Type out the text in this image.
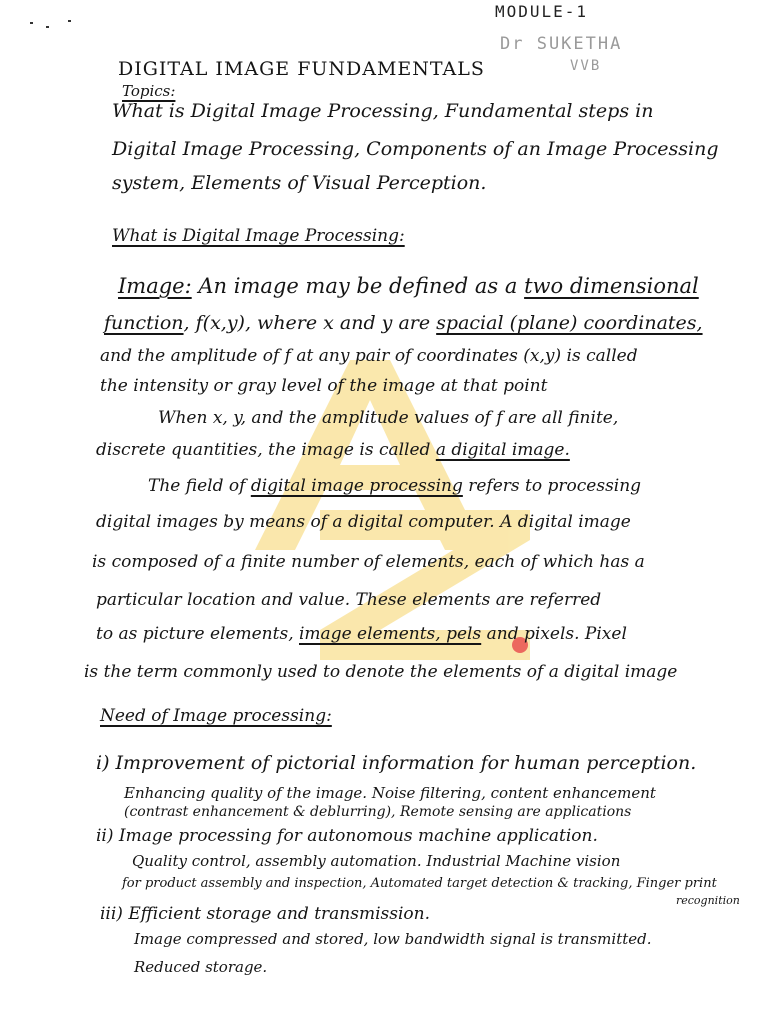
MODULE-1
Dr SUKETHA
VVB
DIGITAL IMAGE FUNDAMENTALS
Topics:
What is Digital Image Processing, Fundamental steps in
Digital Image Processing, Components of an Image Processing
system, Elements of Visual Perception.
What is Digital Image Processing:
Image: An image may be defined as a two dimensional
function, f(x,y), where x and y are spacial (plane) coordinates,
and the amplitude of f at any pair of coordinates (x,y) is called
the intensity or gray level of the image at that point
When x, y, and the amplitude values of f are all finite,
discrete quantities, the image is called a digital image.
The field of digital image processing refers to processing
digital images by means of a digital computer. A digital image
is composed of a finite number of elements, each of which has a
particular location and value. These elements are referred
to as picture elements, image elements, pels and pixels. Pixel
is the term commonly used to denote the elements of a digital image
Need of Image processing:
i) Improvement of pictorial information for human perception.
Enhancing quality of the image. Noise filtering, content enhancement
(contrast enhancement & deblurring), Remote sensing are applications
ii) Image processing for autonomous machine application.
Quality control, assembly automation. Industrial Machine vision
for product assembly and inspection, Automated target detection & tracking, Finger print
recognition
iii) Efficient storage and transmission.
Image compressed and stored, low bandwidth signal is transmitted.
Reduced storage.
